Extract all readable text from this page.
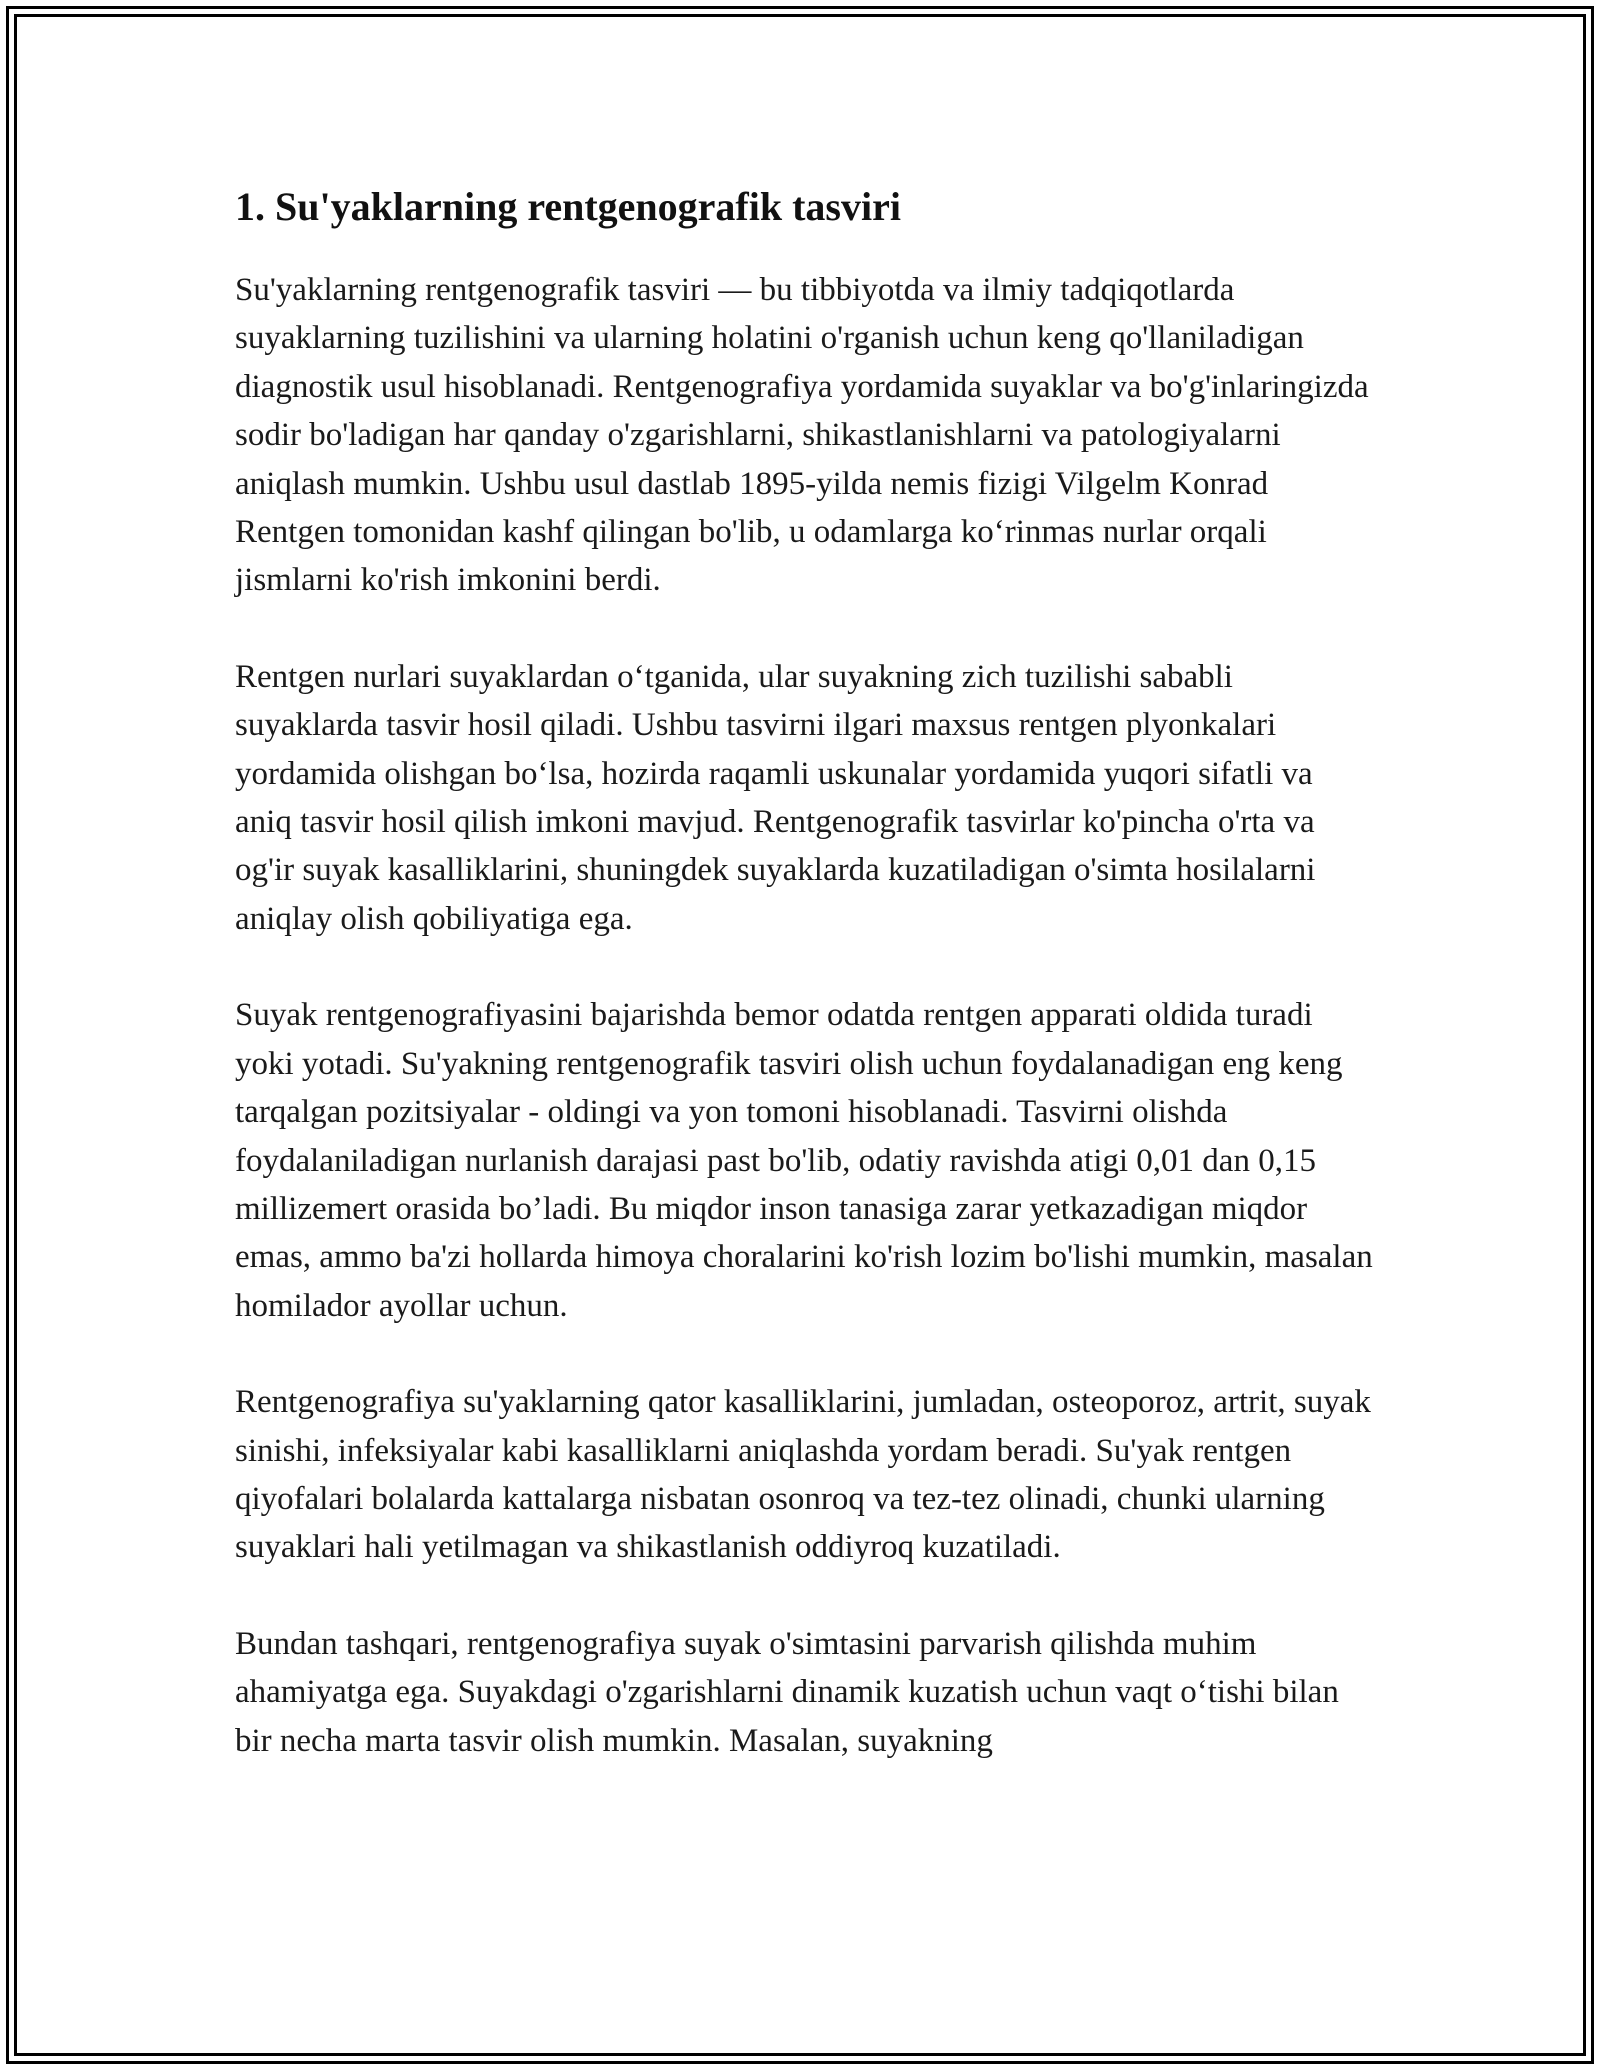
1. Su'yaklarning rentgenografik tasviri

Su'yaklarning rentgenografik tasviri — bu tibbiyotda va ilmiy tadqiqotlarda suyaklarning tuzilishini va ularning holatini o'rganish uchun keng qo'llaniladigan diagnostik usul hisoblanadi. Rentgenografiya yordamida suyaklar va bo'g'inlaringizda sodir bo'ladigan har qanday o'zgarishlarni, shikastlanishlarni va patologiyalarni aniqlash mumkin. Ushbu usul dastlab 1895-yilda nemis fizigi Vilgelm Konrad Rentgen tomonidan kashf qilingan bo'lib, u odamlarga ko‘rinmas nurlar orqali jismlarni ko'rish imkonini berdi.

Rentgen nurlari suyaklardan o‘tganida, ular suyakning zich tuzilishi sababli suyaklarda tasvir hosil qiladi. Ushbu tasvirni ilgari maxsus rentgen plyonkalari yordamida olishgan bo‘lsa, hozirda raqamli uskunalar yordamida yuqori sifatli va aniq tasvir hosil qilish imkoni mavjud. Rentgenografik tasvirlar ko'pincha o'rta va og'ir suyak kasalliklarini, shuningdek suyaklarda kuzatiladigan o'simta hosilalarni aniqlay olish qobiliyatiga ega.

Suyak rentgenografiyasini bajarishda bemor odatda rentgen apparati oldida turadi yoki yotadi. Su'yakning rentgenografik tasviri olish uchun foydalanadigan eng keng tarqalgan pozitsiyalar - oldingi va yon tomoni hisoblanadi. Tasvirni olishda foydalaniladigan nurlanish darajasi past bo'lib, odatiy ravishda atigi 0,01 dan 0,15 millizemert orasida bo’ladi. Bu miqdor inson tanasiga zarar yetkazadigan miqdor emas, ammo ba'zi hollarda himoya choralarini ko'rish lozim bo'lishi mumkin, masalan homilador ayollar uchun.

Rentgenografiya su'yaklarning qator kasalliklarini, jumladan, osteoporoz, artrit, suyak sinishi, infeksiyalar kabi kasalliklarni aniqlashda yordam beradi. Su'yak rentgen qiyofalari bolalarda kattalarga nisbatan osonroq va tez-tez olinadi, chunki ularning suyaklari hali yetilmagan va shikastlanish oddiyroq kuzatiladi.

Bundan tashqari, rentgenografiya suyak o'simtasini parvarish qilishda muhim ahamiyatga ega. Suyakdagi o'zgarishlarni dinamik kuzatish uchun vaqt o‘tishi bilan bir necha marta tasvir olish mumkin. Masalan, suyakning
